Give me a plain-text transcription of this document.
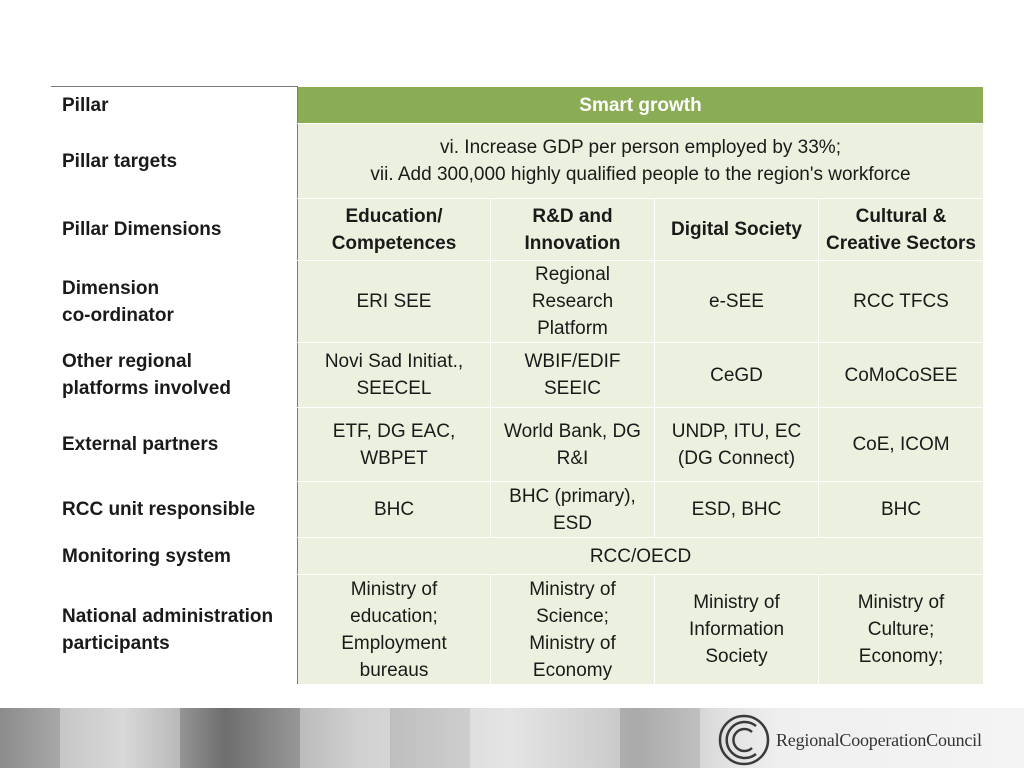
Pillar	Smart growth			
Pillar targets	vi. Increase GDP per person employed by 33%;
vii. Add 300,000 highly qualified people to the region's workforce			

Pillar Dimensions	Education/
Competences	R&D and
Innovation	Digital Society	Cultural &
Creative Sectors

Dimension
co-ordinator	ERI SEE	Regional
Research
Platform	e-SEE	RCC TFCS

Other regional
platforms involved	Novi Sad Initiat.,
SEECEL	WBIF/EDIF
SEEIC	CeGD	CoMoCoSEE

External partners	ETF, DG EAC, WBPET	World Bank, DG
R&I	UNDP, ITU, EC
(DG Connect)	CoE, ICOM

RCC unit responsible	BHC	BHC (primary),
ESD	ESD, BHC	BHC

Monitoring system	RCC/OECD			

National administration
participants	Ministry of
education;
Employment
bureaus	Ministry of
Science;
Ministry of
Economy	Ministry of
Information
Society	Ministry of
Culture;
Economy;
RegionalCooperationCouncil
